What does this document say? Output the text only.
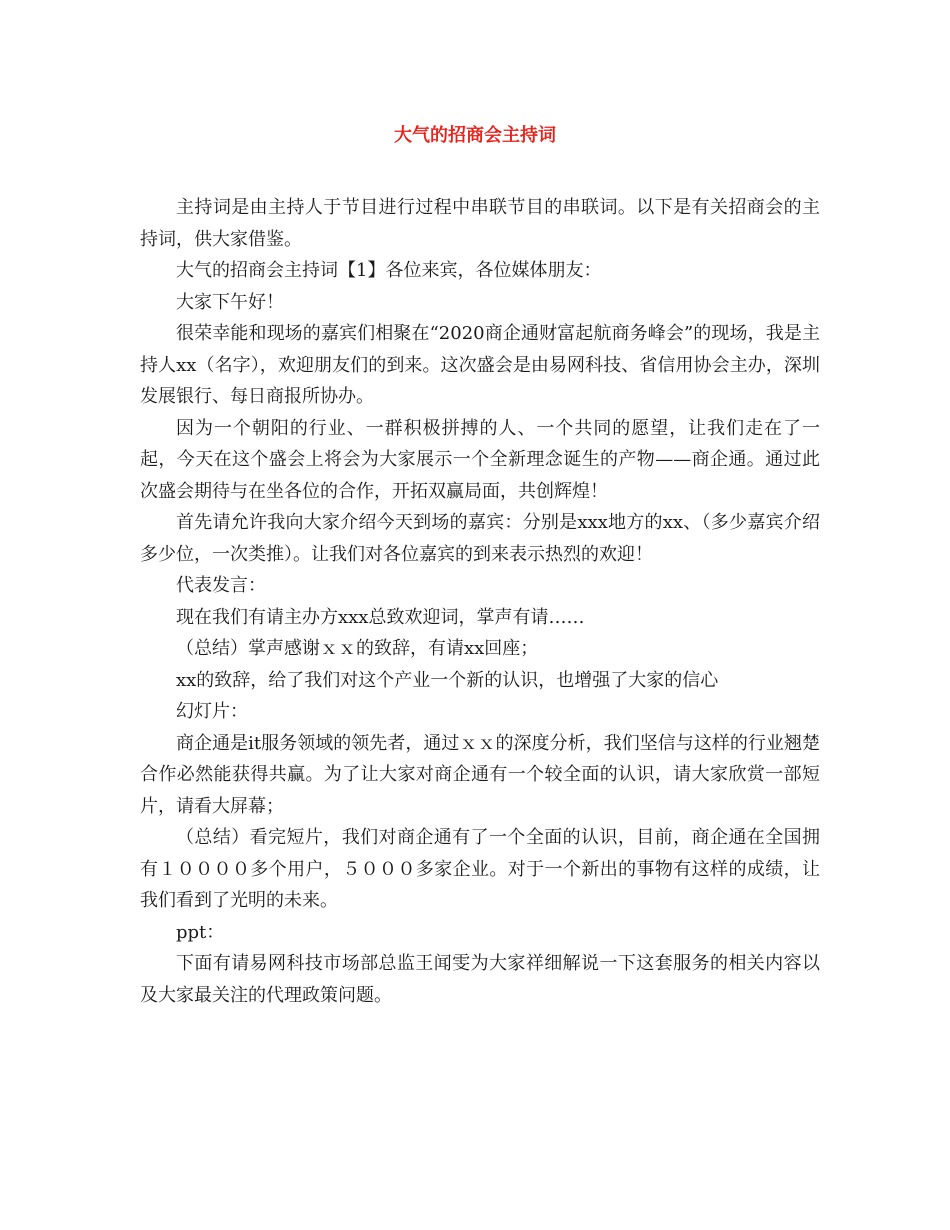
大气的招商会主持词

主持词是由主持人于节目进行过程中串联节目的串联词。以下是有关招商会的主持词，供大家借鉴。

大气的招商会主持词【1】各位来宾，各位媒体朋友：

大家下午好！

很荣幸能和现场的嘉宾们相聚在“2020商企通财富起航商务峰会”的现场，我是主持人xx（名字），欢迎朋友们的到来。这次盛会是由易网科技、省信用协会主办，深圳发展银行、每日商报所协办。

因为一个朝阳的行业、一群积极拼搏的人、一个共同的愿望，让我们走在了一起，今天在这个盛会上将会为大家展示一个全新理念诞生的产物——商企通。通过此次盛会期待与在坐各位的合作，开拓双赢局面，共创辉煌！

首先请允许我向大家介绍今天到场的嘉宾：分别是xxx地方的xx、（多少嘉宾介绍多少位，一次类推）。让我们对各位嘉宾的到来表示热烈的欢迎！

代表发言：

现在我们有请主办方xxx总致欢迎词，掌声有请……

（总结）掌声感谢ｘｘ的致辞，有请xx回座；

xx的致辞，给了我们对这个产业一个新的认识，也增强了大家的信心

幻灯片：

商企通是it服务领域的领先者，通过ｘｘ的深度分析，我们坚信与这样的行业翘楚合作必然能获得共赢。为了让大家对商企通有一个较全面的认识，请大家欣赏一部短片，请看大屏幕；

（总结）看完短片，我们对商企通有了一个全面的认识，目前，商企通在全国拥有１００００多个用户，５０００多家企业。对于一个新出的事物有这样的成绩，让我们看到了光明的未来。

ppt：

下面有请易网科技市场部总监王闻雯为大家祥细解说一下这套服务的相关内容以及大家最关注的代理政策问题。
